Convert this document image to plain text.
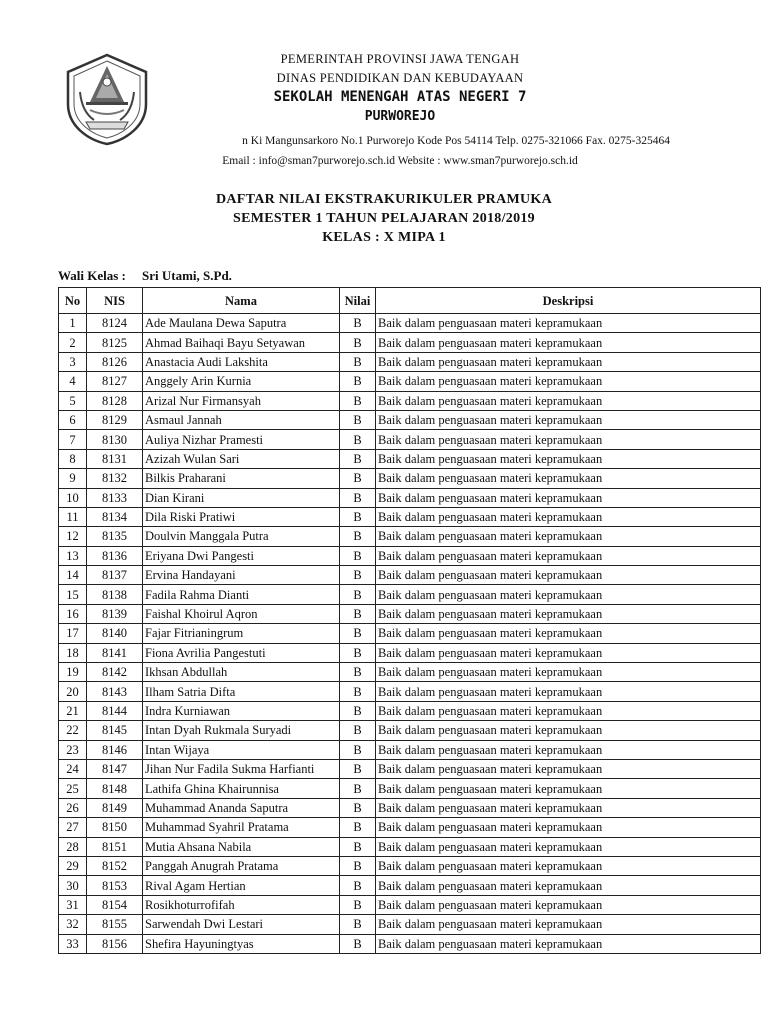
PEMERINTAH PROVINSI JAWA TENGAH
DINAS PENDIDIKAN DAN KEBUDAYAAN
SEKOLAH MENENGAH ATAS NEGERI 7
PURWOREJO
n Ki Mangunsarkoro No.1 Purworejo Kode Pos 54114 Telp. 0275-321066 Fax. 0275-325464
Email : info@sman7purworejo.sch.id Website : www.sman7purworejo.sch.id
DAFTAR NILAI EKSTRAKURIKULER PRAMUKA
SEMESTER 1 TAHUN PELAJARAN 2018/2019
KELAS : X MIPA 1
Wali Kelas : Sri Utami, S.Pd.
No	NIS	Nama	Nilai	Deskripsi
1	8124	Ade Maulana Dewa Saputra	B	Baik dalam penguasaan materi kepramukaan
2	8125	Ahmad Baihaqi Bayu Setyawan	B	Baik dalam penguasaan materi kepramukaan
3	8126	Anastacia Audi Lakshita	B	Baik dalam penguasaan materi kepramukaan
4	8127	Anggely Arin Kurnia	B	Baik dalam penguasaan materi kepramukaan
5	8128	Arizal Nur Firmansyah	B	Baik dalam penguasaan materi kepramukaan
6	8129	Asmaul Jannah	B	Baik dalam penguasaan materi kepramukaan
7	8130	Auliya Nizhar Pramesti	B	Baik dalam penguasaan materi kepramukaan
8	8131	Azizah Wulan Sari	B	Baik dalam penguasaan materi kepramukaan
9	8132	Bilkis Praharani	B	Baik dalam penguasaan materi kepramukaan
10	8133	Dian Kirani	B	Baik dalam penguasaan materi kepramukaan
11	8134	Dila Riski Pratiwi	B	Baik dalam penguasaan materi kepramukaan
12	8135	Doulvin Manggala Putra	B	Baik dalam penguasaan materi kepramukaan
13	8136	Eriyana Dwi Pangesti	B	Baik dalam penguasaan materi kepramukaan
14	8137	Ervina Handayani	B	Baik dalam penguasaan materi kepramukaan
15	8138	Fadila Rahma Dianti	B	Baik dalam penguasaan materi kepramukaan
16	8139	Faishal Khoirul Aqron	B	Baik dalam penguasaan materi kepramukaan
17	8140	Fajar Fitrianingrum	B	Baik dalam penguasaan materi kepramukaan
18	8141	Fiona Avrilia Pangestuti	B	Baik dalam penguasaan materi kepramukaan
19	8142	Ikhsan Abdullah	B	Baik dalam penguasaan materi kepramukaan
20	8143	Ilham Satria Difta	B	Baik dalam penguasaan materi kepramukaan
21	8144	Indra Kurniawan	B	Baik dalam penguasaan materi kepramukaan
22	8145	Intan Dyah Rukmala Suryadi	B	Baik dalam penguasaan materi kepramukaan
23	8146	Intan Wijaya	B	Baik dalam penguasaan materi kepramukaan
24	8147	Jihan Nur Fadila Sukma Harfianti	B	Baik dalam penguasaan materi kepramukaan
25	8148	Lathifa Ghina Khairunnisa	B	Baik dalam penguasaan materi kepramukaan
26	8149	Muhammad Ananda Saputra	B	Baik dalam penguasaan materi kepramukaan
27	8150	Muhammad Syahril Pratama	B	Baik dalam penguasaan materi kepramukaan
28	8151	Mutia Ahsana Nabila	B	Baik dalam penguasaan materi kepramukaan
29	8152	Panggah Anugrah Pratama	B	Baik dalam penguasaan materi kepramukaan
30	8153	Rival Agam Hertian	B	Baik dalam penguasaan materi kepramukaan
31	8154	Rosikhoturrofifah	B	Baik dalam penguasaan materi kepramukaan
32	8155	Sarwendah Dwi Lestari	B	Baik dalam penguasaan materi kepramukaan
33	8156	Shefira Hayuningtyas	B	Baik dalam penguasaan materi kepramukaan
